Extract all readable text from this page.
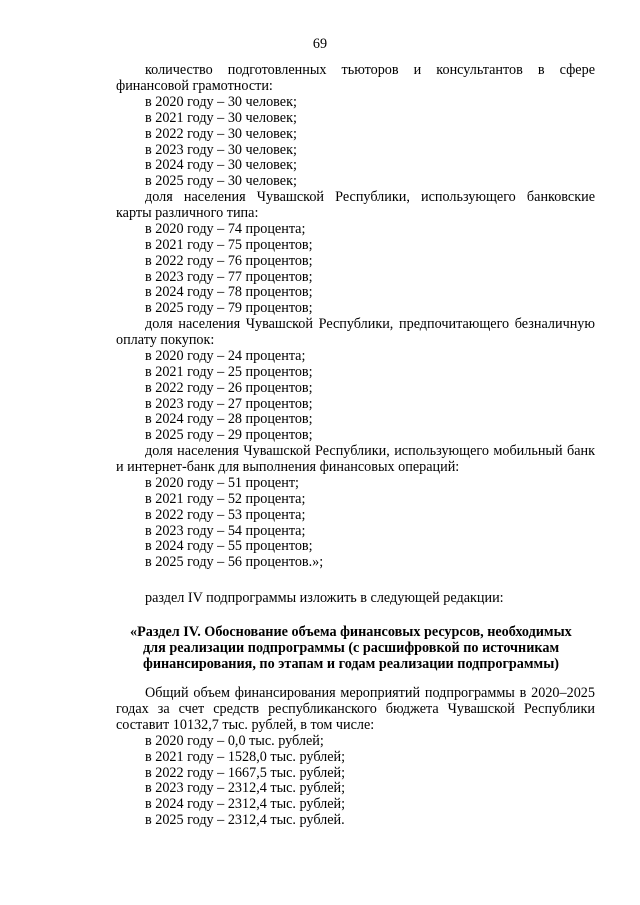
69

количество подготовленных тьюторов и консультантов в сфере финансовой грамотности:

в 2020 году – 30 человек;

в 2021 году – 30 человек;

в 2022 году – 30 человек;

в 2023 году – 30 человек;

в 2024 году – 30 человек;

в 2025 году – 30 человек;

доля населения Чувашской Республики, использующего банковские карты различного типа:

в 2020 году – 74 процента;

в 2021 году – 75 процентов;

в 2022 году – 76 процентов;

в 2023 году – 77 процентов;

в 2024 году – 78 процентов;

в 2025 году – 79 процентов;

доля населения Чувашской Республики, предпочитающего безналичную оплату покупок:

в 2020 году – 24 процента;

в 2021 году – 25 процентов;

в 2022 году – 26 процентов;

в 2023 году – 27 процентов;

в 2024 году – 28 процентов;

в 2025 году – 29 процентов;

доля населения Чувашской Республики, использующего мобильный банк и интернет-банк для выполнения финансовых операций:

в 2020 году – 51 процент;

в 2021 году – 52 процента;

в 2022 году – 53 процента;

в 2023 году – 54 процента;

в 2024 году – 55 процентов;

в 2025 году – 56 процентов.»;

раздел IV подпрограммы изложить в следующей редакции:

«Раздел IV. Обоснование объема финансовых ресурсов, необходимых
для реализации подпрограммы (с расшифровкой по источникам
финансирования, по этапам и годам реализации подпрограммы)

Общий объем финансирования мероприятий подпрограммы в 2020–2025 годах за счет средств республиканского бюджета Чувашской Республики составит 10132,7 тыс. рублей, в том числе:

в 2020 году – 0,0 тыс. рублей;

в 2021 году – 1528,0 тыс. рублей;

в 2022 году – 1667,5 тыс. рублей;

в 2023 году – 2312,4 тыс. рублей;

в 2024 году – 2312,4 тыс. рублей;

в 2025 году – 2312,4 тыс. рублей.
